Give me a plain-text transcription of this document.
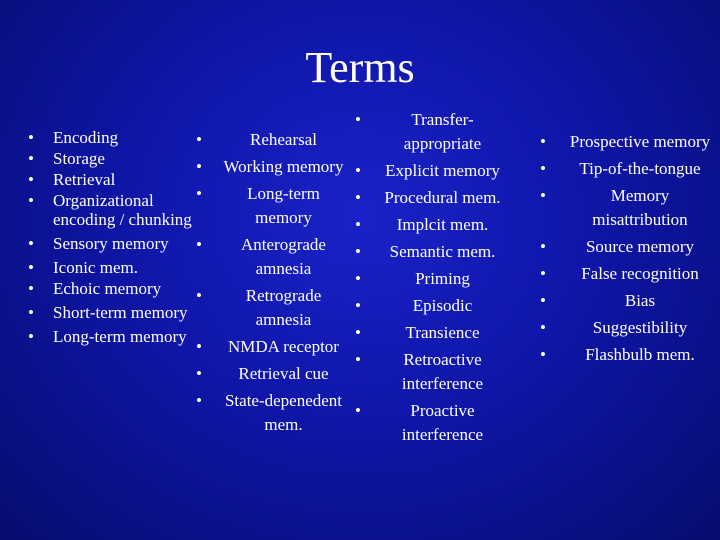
Terms
• Encoding
• Storage
• Retrieval
• Organizational encoding / chunking
• Sensory memory
• Iconic mem.
• Echoic memory
• Short-term memory
• Long-term memory
• Rehearsal
• Working memory
• Long-term memory
• Anterograde amnesia
• Retrograde amnesia
• NMDA receptor
• Retrieval cue
• State-depenedent mem.
• Transfer-appropriate
• Explicit memory
• Procedural mem.
• Implcit mem.
• Semantic mem.
• Priming
• Episodic
• Transience
• Retroactive interference
• Proactive interference
• Prospective memory
• Tip-of-the-tongue
• Memory misattribution
• Source memory
• False recognition
• Bias
• Suggestibility
• Flashbulb mem.
